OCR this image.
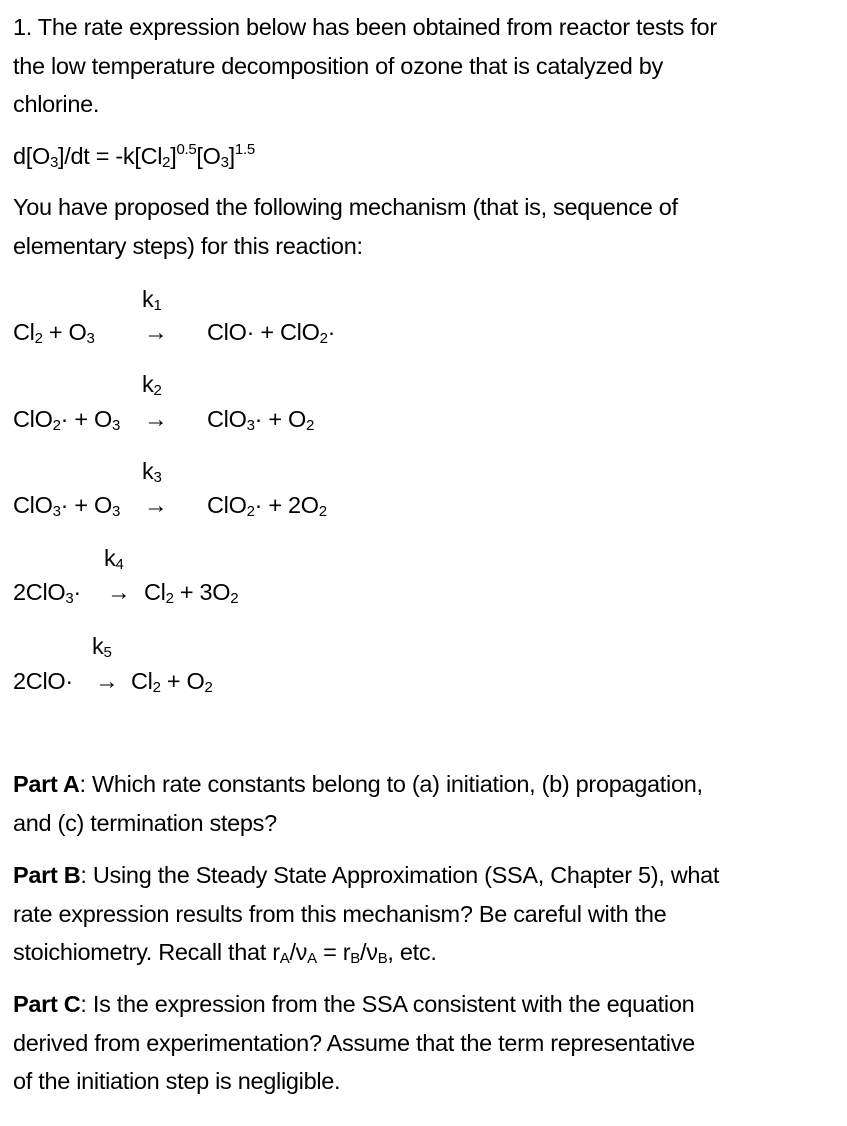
1. The rate expression below has been obtained from reactor tests for
the low temperature decomposition of ozone that is catalyzed by
chlorine.

$d[O_3]/dt = -k[Cl_2]^{0.5}[O_3]^{1.5}$

You have proposed the following mechanism (that is, sequence of
elementary steps) for this reaction:

$k_1$
$Cl_2 + O_3 \to ClO\cdot + ClO_2\cdot$
$k_2$
$ClO_2\cdot + O_3 \to ClO_3\cdot + O_2$
$k_3$
$ClO_3\cdot + O_3 \to ClO_2\cdot + 2O_2$
$k_4$
$2ClO_3\cdot \to Cl_2 + 3O_2$
$k_5$
$2ClO\cdot \to Cl_2 + O_2$

Part A: Which rate constants belong to (a) initiation, (b) propagation,
and (c) termination steps?

Part B: Using the Steady State Approximation (SSA, Chapter 5), what
rate expression results from this mechanism? Be careful with the
stoichiometry. Recall that $r_A/\nu_A = r_B/\nu_B$, etc.

Part C: Is the expression from the SSA consistent with the equation
derived from experimentation? Assume that the term representative
of the initiation step is negligible.
